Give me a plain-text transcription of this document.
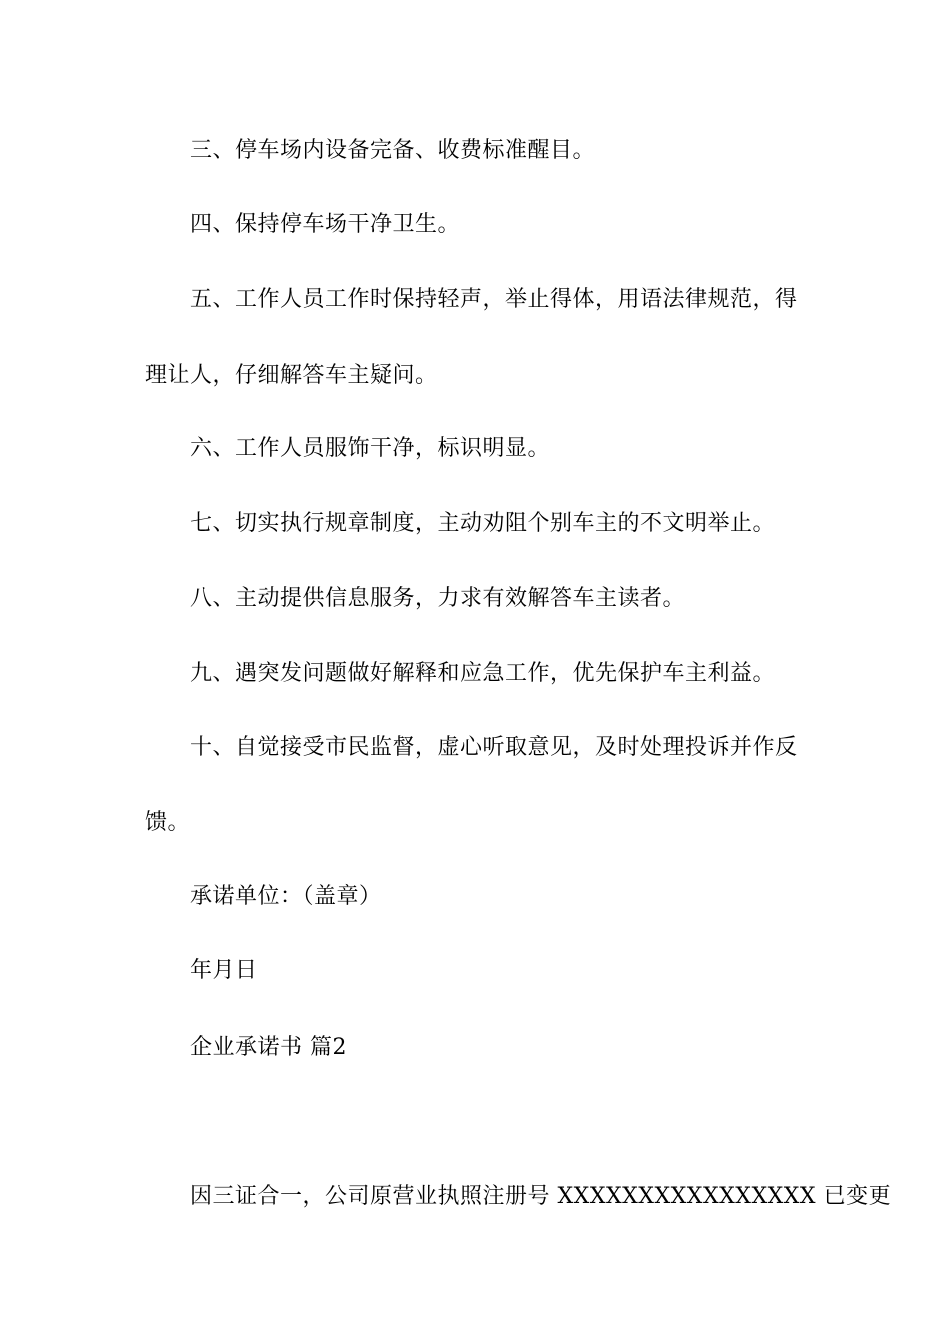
三、停车场内设备完备、收费标准醒目。
四、保持停车场干净卫生。
五、工作人员工作时保持轻声，举止得体，用语法律规范，得
理让人，仔细解答车主疑问。
六、工作人员服饰干净，标识明显。
七、切实执行规章制度，主动劝阻个别车主的不文明举止。
八、主动提供信息服务，力求有效解答车主读者。
九、遇突发问题做好解释和应急工作，优先保护车主利益。
十、自觉接受市民监督，虚心听取意见，及时处理投诉并作反
馈。
承诺单位：（盖章）
年月日
企业承诺书 篇2
因三证合一，公司原营业执照注册号 XXXXXXXXXXXXXXXX 已变更
